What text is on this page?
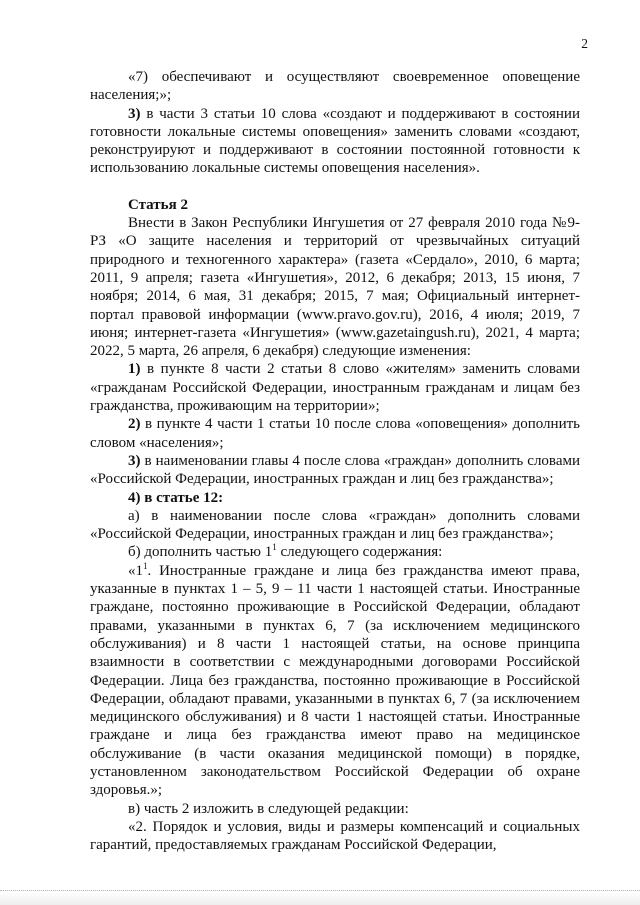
2

«7) обеспечивают и осуществляют своевременное оповещение населения;»;

3) в части 3 статьи 10 слова «создают и поддерживают в состоянии готовности локальные системы оповещения» заменить словами «создают, реконструируют и поддерживают в состоянии постоянной готовности к использованию локальные системы оповещения населения».

Статья 2

Внести в Закон Республики Ингушетия от 27 февраля 2010 года №9-РЗ «О защите населения и территорий от чрезвычайных ситуаций природного и техногенного характера» (газета «Сердало», 2010, 6 марта; 2011, 9 апреля; газета «Ингушетия», 2012, 6 декабря; 2013, 15 июня, 7 ноября; 2014, 6 мая, 31 декабря; 2015, 7 мая; Официальный интернет-портал правовой информации (www.pravo.gov.ru), 2016, 4 июля; 2019, 7 июня; интернет-газета «Ингушетия» (www.gazetaingush.ru), 2021, 4 марта; 2022, 5 марта, 26 апреля, 6 декабря) следующие изменения:

1) в пункте 8 части 2 статьи 8 слово «жителям» заменить словами «гражданам Российской Федерации, иностранным гражданам и лицам без гражданства, проживающим на территории»;

2) в пункте 4 части 1 статьи 10 после слова «оповещения» дополнить словом «населения»;

3) в наименовании главы 4 после слова «граждан» дополнить словами «Российской Федерации, иностранных граждан и лиц без гражданства»;

4) в статье 12:

а) в наименовании после слова «граждан» дополнить словами «Российской Федерации, иностранных граждан и лиц без гражданства»;

б) дополнить частью $1^1$ следующего содержания:

«$1^1$. Иностранные граждане и лица без гражданства имеют права, указанные в пунктах 1 – 5, 9 – 11 части 1 настоящей статьи. Иностранные граждане, постоянно проживающие в Российской Федерации, обладают правами, указанными в пунктах 6, 7 (за исключением медицинского обслуживания) и 8 части 1 настоящей статьи, на основе принципа взаимности в соответствии с международными договорами Российской Федерации. Лица без гражданства, постоянно проживающие в Российской Федерации, обладают правами, указанными в пунктах 6, 7 (за исключением медицинского обслуживания) и 8 части 1 настоящей статьи. Иностранные граждане и лица без гражданства имеют право на медицинское обслуживание (в части оказания медицинской помощи) в порядке, установленном законодательством Российской Федерации об охране здоровья.»;

в) часть 2 изложить в следующей редакции:

«2. Порядок и условия, виды и размеры компенсаций и социальных гарантий, предоставляемых гражданам Российской Федерации,
